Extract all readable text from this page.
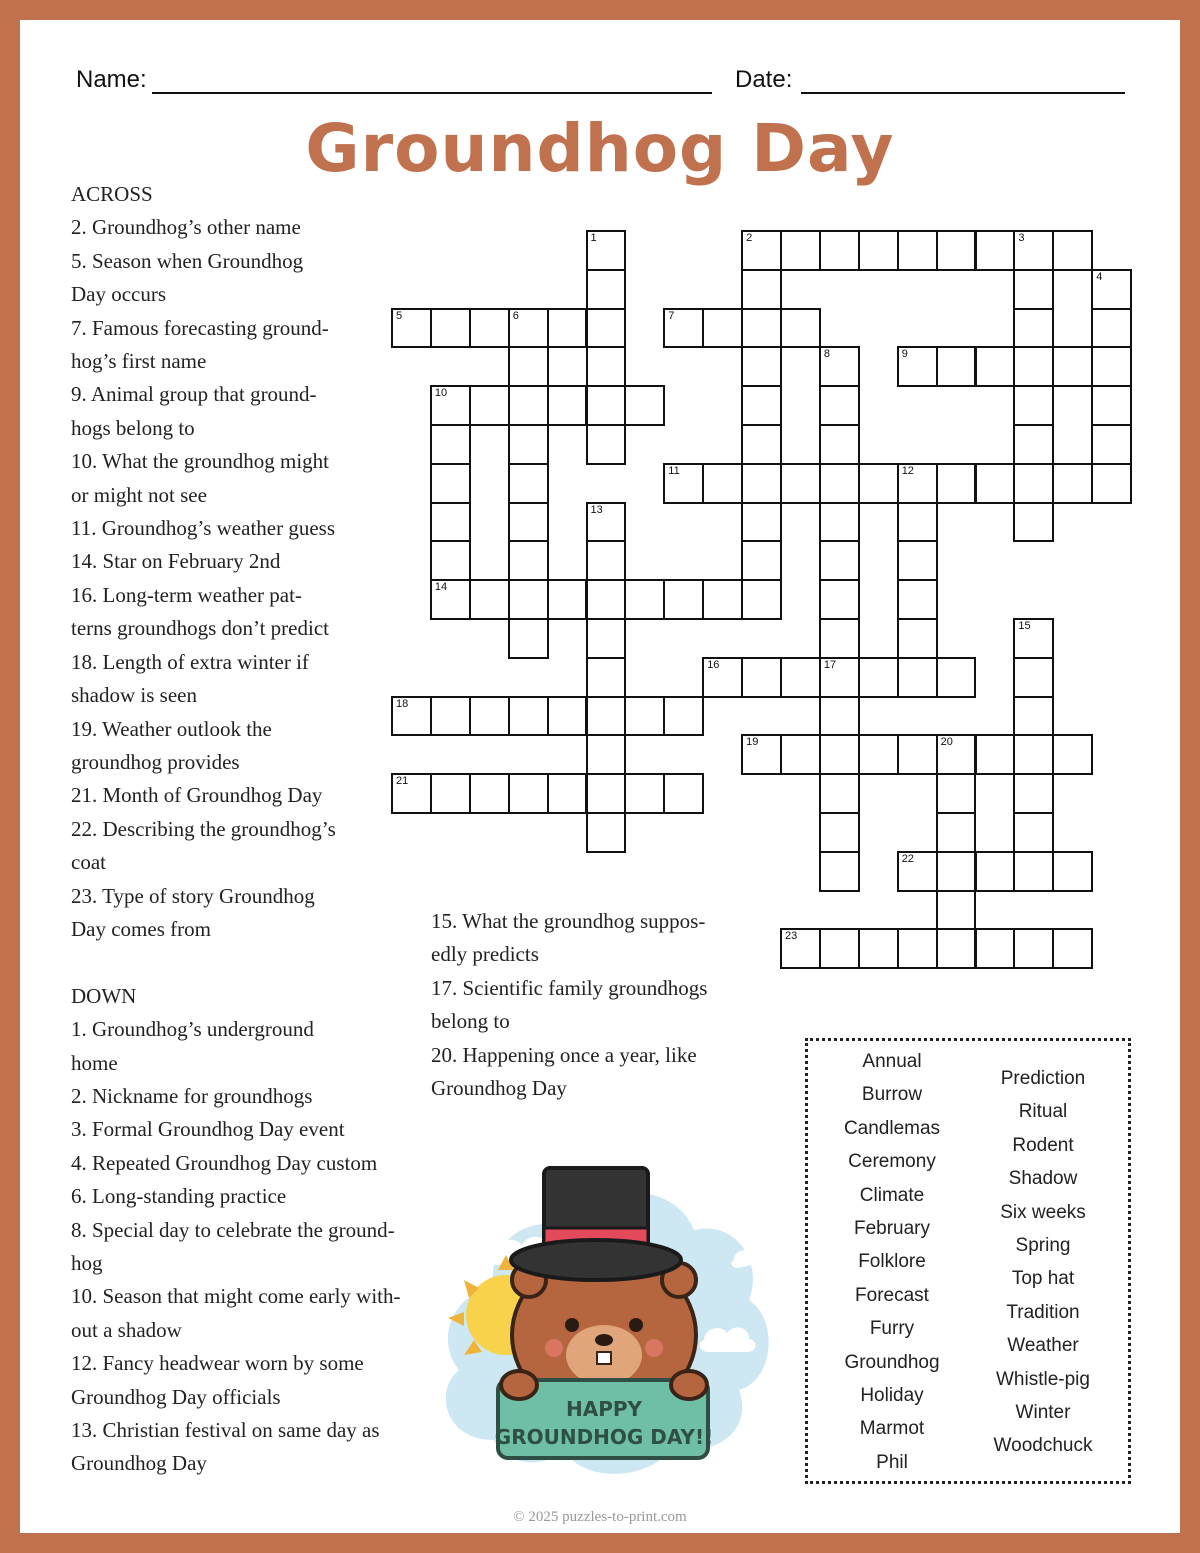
Name:	Date:
Groundhog Day
ACROSS
2. Groundhog’s other name
5. Season when Groundhog
Day occurs
7. Famous forecasting ground-
hog’s first name
9. Animal group that ground-
hogs belong to
10. What the groundhog might
or might not see
11. Groundhog’s weather guess
14. Star on February 2nd
16. Long-term weather pat-
terns groundhogs don’t predict
18. Length of extra winter if
shadow is seen
19. Weather outlook the
groundhog provides
21. Month of Groundhog Day
22. Describing the groundhog’s
coat
23. Type of story Groundhog
Day comes from
DOWN
1. Groundhog’s underground
home
2. Nickname for groundhogs
3. Formal Groundhog Day event
4. Repeated Groundhog Day custom
6. Long-standing practice
8. Special day to celebrate the ground-
hog
10. Season that might come early with-
out a shadow
12. Fancy headwear worn by some
Groundhog Day officials
13. Christian festival on same day as
Groundhog Day
15. What the groundhog suppos-
edly predicts
17. Scientific family groundhogs
belong to
20. Happening once a year, like
Groundhog Day
1	2	3
4
5	6	7
8	9
10
14
11	12
13
15
16	17
18
19	20
21
22
23
Annual
Burrow
Candlemas
Ceremony
Climate
February
Folklore
Forecast
Furry
Groundhog
Holiday
Marmot
Phil
Prediction
Ritual
Rodent
Shadow
Six weeks
Spring
Top hat
Tradition
Weather
Whistle-pig
Winter
Woodchuck
HAPPY
GROUNDHOG DAY!!
© 2025 puzzles-to-print.com
